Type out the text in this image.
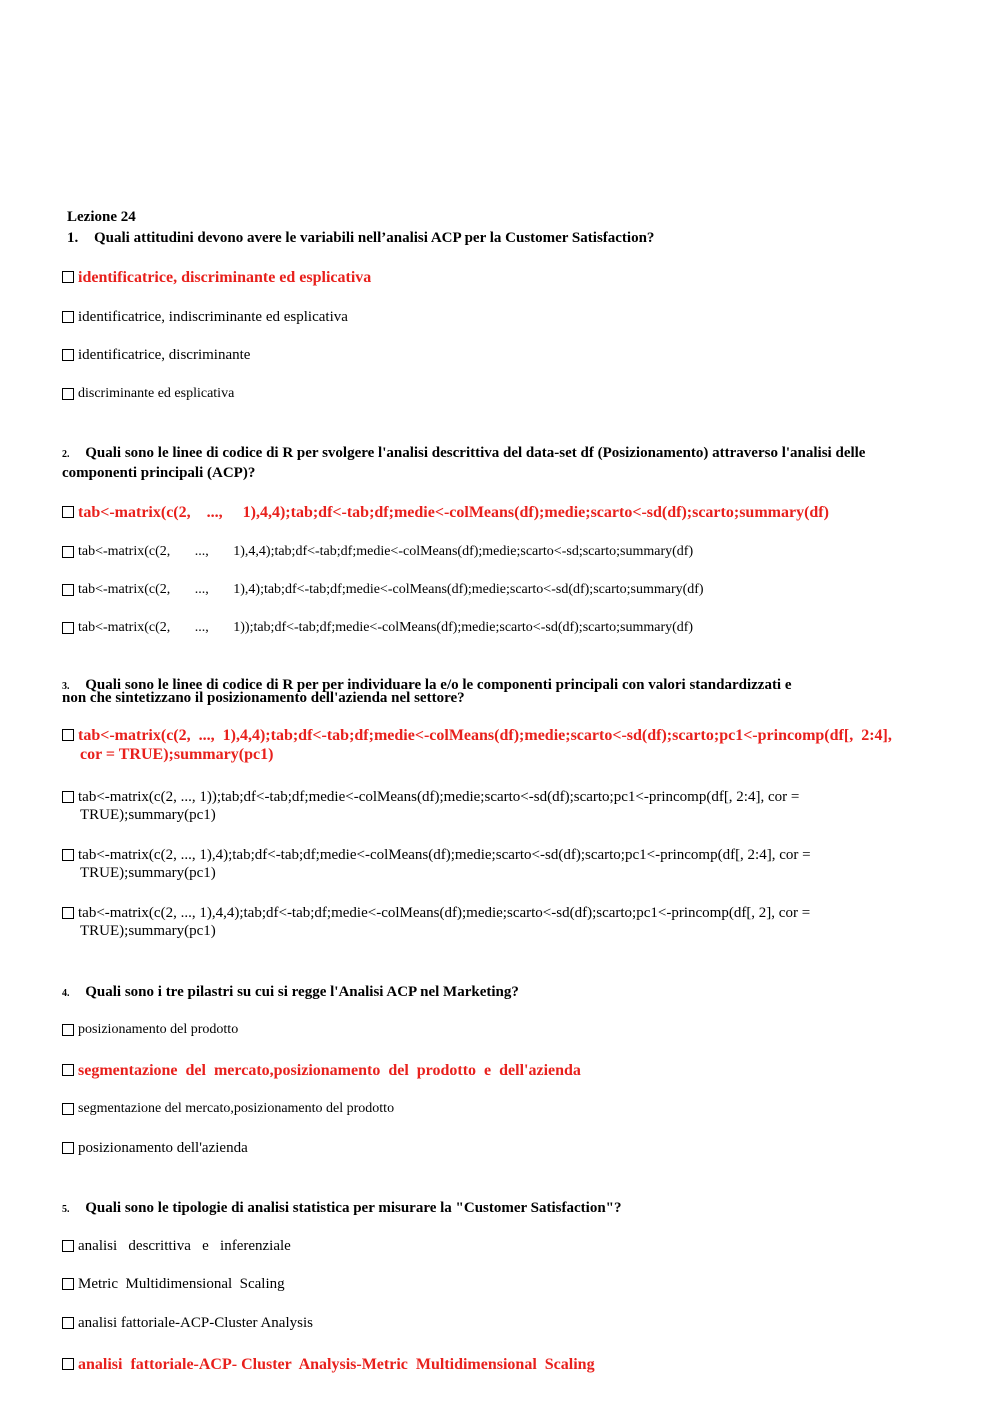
Lezione 24
1. Quali attitudini devono avere le variabili nell’analisi ACP per la Customer Satisfaction?
identificatrice, discriminante ed esplicativa
identificatrice, indiscriminante ed esplicativa
identificatrice, discriminante
discriminante ed esplicativa
2. Quali sono le linee di codice di R per svolgere l'analisi descrittiva del data-set df (Posizionamento) attraverso l'analisi delle
componenti principali (ACP)?
tab<-matrix(c(2,    ...,     1),4,4);tab;df<-tab;df;medie<-colMeans(df);medie;scarto<-sd(df);scarto;summary(df)
tab<-matrix(c(2,       ...,       1),4,4);tab;df<-tab;df;medie<-colMeans(df);medie;scarto<-sd;scarto;summary(df)
tab<-matrix(c(2,       ...,       1),4);tab;df<-tab;df;medie<-colMeans(df);medie;scarto<-sd(df);scarto;summary(df)
tab<-matrix(c(2,       ...,       1));tab;df<-tab;df;medie<-colMeans(df);medie;scarto<-sd(df);scarto;summary(df)
3. Quali sono le linee di codice di R per per individuare la e/o le componenti principali con valori standardizzati e
non che sintetizzano il posizionamento dell'azienda nel settore?
tab<-matrix(c(2,  ...,  1),4,4);tab;df<-tab;df;medie<-colMeans(df);medie;scarto<-sd(df);scarto;pc1<-princomp(df[,  2:4],
cor = TRUE);summary(pc1)
tab<-matrix(c(2, ..., 1));tab;df<-tab;df;medie<-colMeans(df);medie;scarto<-sd(df);scarto;pc1<-princomp(df[, 2:4], cor =
TRUE);summary(pc1)
tab<-matrix(c(2, ..., 1),4);tab;df<-tab;df;medie<-colMeans(df);medie;scarto<-sd(df);scarto;pc1<-princomp(df[, 2:4], cor =
TRUE);summary(pc1)
tab<-matrix(c(2, ..., 1),4,4);tab;df<-tab;df;medie<-colMeans(df);medie;scarto<-sd(df);scarto;pc1<-princomp(df[, 2], cor =
TRUE);summary(pc1)
4. Quali sono i tre pilastri su cui si regge l'Analisi ACP nel Marketing?
posizionamento del prodotto
segmentazione  del  mercato,posizionamento  del  prodotto  e  dell'azienda
segmentazione del mercato,posizionamento del prodotto
posizionamento dell'azienda
5. Quali sono le tipologie di analisi statistica per misurare la "Customer Satisfaction"?
analisi   descrittiva   e   inferenziale
Metric  Multidimensional  Scaling
analisi fattoriale-ACP-Cluster Analysis
analisi  fattoriale-ACP- Cluster  Analysis-Metric  Multidimensional  Scaling
